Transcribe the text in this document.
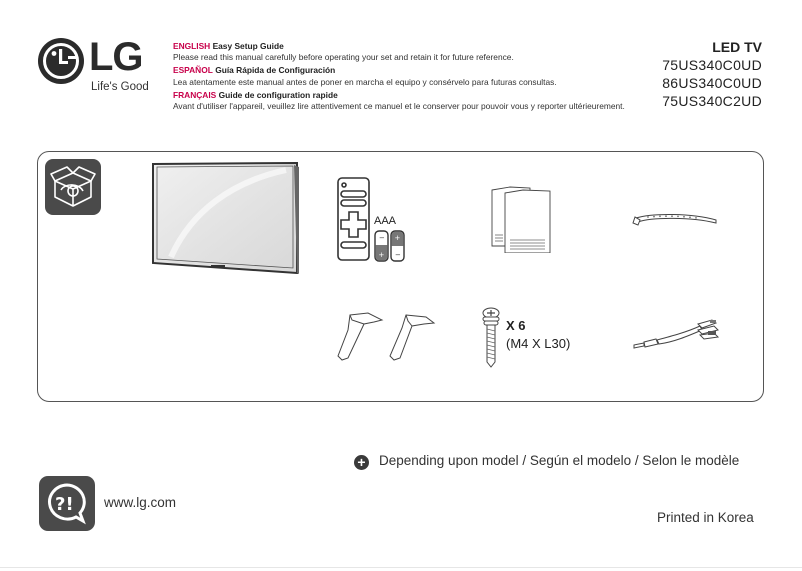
LG
Life's Good
ENGLISH Easy Setup Guide
Please read this manual carefully before operating your set and retain it for future reference.
ESPAÑOL Guía Rápida de Configuración
Lea atentamente este manual antes de poner en marcha el equipo y consérvelo para futuras consultas.
FRANÇAIS Guide de configuration rapide
Avant d'utiliser l'appareil, veuillez lire attentivement ce manuel et le conserver pour pouvoir vous y reporter ultérieurement.
LED TV
75US340C0UD
86US340C0UD
75US340C2UD
AAA
−
+
+
−
X 6
(M4 X L30)
+ Depending upon model / Según el modelo / Selon le modèle
?! www.lg.com
Printed in Korea
